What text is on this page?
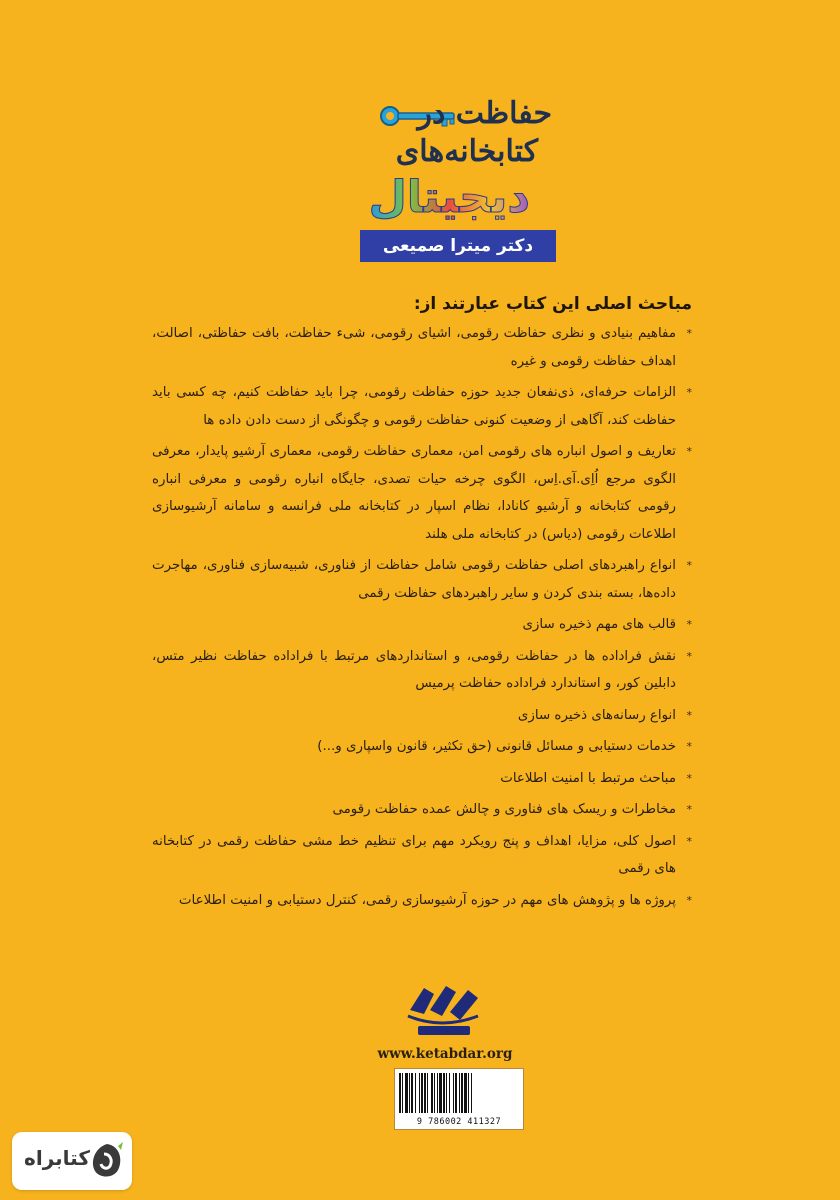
حفاظت در
کتابخانه‌های
دیجیتال
دکتر میترا صمیعی
مباحث اصلی این کتاب عبارتند از:
*
مفاهیم بنیادی و نظری حفاظت رقومی، اشیای رقومی، شیء حفاظت، بافت حفاظتی، اصالت، اهداف حفاظت رقومی و غیره
*
الزامات حرفه‌ای، ذی‌نفعان جدید حوزه حفاظت رقومی، چرا باید حفاظت کنیم، چه کسی باید حفاظت کند، آگاهی از وضعیت کنونی حفاظت رقومی و چگونگی از دست دادن داده ها
*
تعاریف و اصول انباره های رقومی امن، معماری حفاظت رقومی، معماری آرشیو پایدار، معرفی الگوی مرجع اُاِی.آی.اِس، الگوی چرخه حیات تصدی، جایگاه انباره رقومی و معرفی انباره رقومی کتابخانه و آرشیو کانادا، نظام اسپار در کتابخانه ملی فرانسه و سامانه آرشیوسازی اطلاعات رقومی (دیاس) در کتابخانه ملی هلند
*
انواع راهبردهای اصلی حفاظت رقومی شامل حفاظت از فناوری، شبیه‌سازی فناوری، مهاجرت داده‌ها، بسته بندی کردن و سایر راهبردهای حفاظت رقمی
*
قالب های مهم ذخیره سازی
*
نقش فراداده ها در حفاظت رقومی، و استانداردهای مرتبط با فراداده حفاظت نظیر متس، دابلین کور، و استاندارد فراداده حفاظت پرمیس
*
انواع رسانه‌های ذخیره سازی
*
خدمات دستیابی و مسائل قانونی (حق تکثیر، قانون واسپاری و...)
*
مباحث مرتبط با امنیت اطلاعات
*
مخاطرات و ریسک های فناوری و چالش عمده حفاظت رقومی
*
اصول کلی، مزایا، اهداف و پنج رویکرد مهم برای تنظیم خط مشی حفاظت رقمی در کتابخانه های رقمی
*
پروژه ها و پژوهش های مهم در حوزه آرشیوسازی رقمی، کنترل دستیابی و امنیت اطلاعات
www.ketabdar.org
9 786002 411327
کتابراه
